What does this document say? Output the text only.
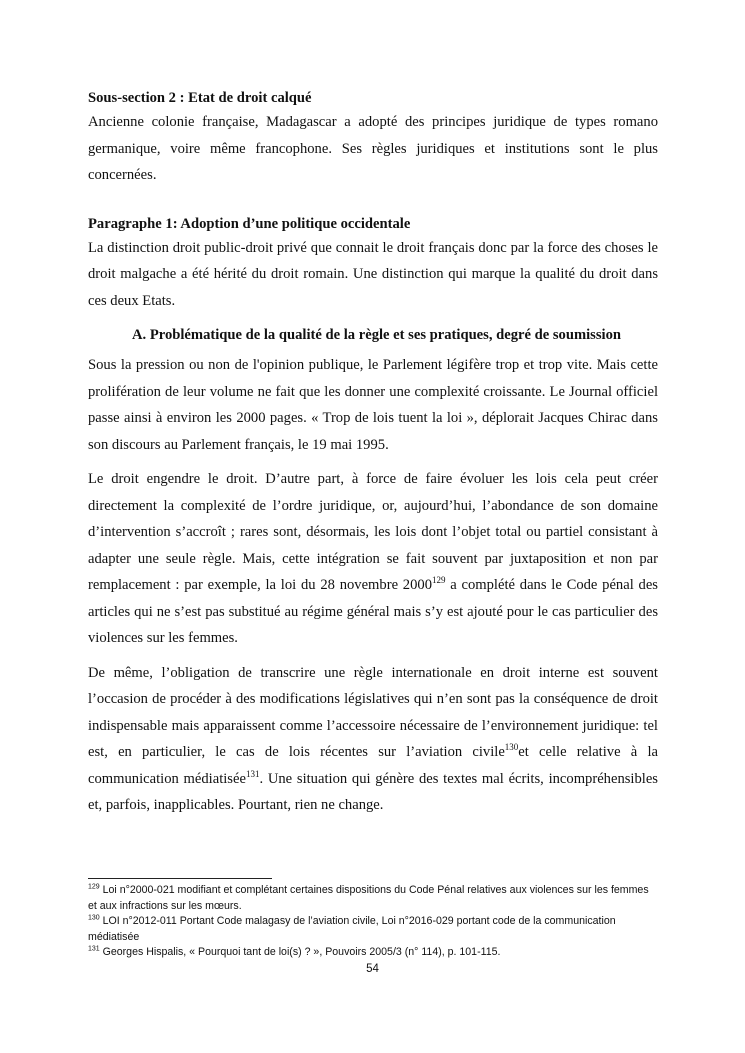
Sous-section 2 : Etat de droit calqué

Ancienne colonie française, Madagascar a adopté des principes juridique de types romano germanique, voire même francophone. Ses règles juridiques et institutions sont le plus concernées.

Paragraphe 1: Adoption d’une politique occidentale

La distinction droit public-droit privé que connait le droit français donc par la force des choses le droit malgache a été hérité du droit romain. Une distinction qui marque la qualité du droit dans ces deux Etats.

A. Problématique de la qualité de la règle et ses pratiques, degré de soumission

Sous la pression ou non de l'opinion publique, le Parlement légifère trop et trop vite. Mais cette prolifération de leur volume ne fait que les donner une complexité croissante. Le Journal officiel passe ainsi à environ les 2000 pages. « Trop de lois tuent la loi », déplorait Jacques Chirac dans son discours au Parlement français, le 19 mai 1995.

Le droit engendre le droit. D’autre part, à force de faire évoluer les lois cela peut créer directement la complexité de l’ordre juridique, or, aujourd’hui, l’abondance de son domaine d’intervention s’accroît ; rares sont, désormais, les lois dont l’objet total ou partiel consistant à adapter une seule règle. Mais, cette intégration se fait souvent par juxtaposition et non par remplacement : par exemple, la loi du 28 novembre 2000$^{129}$ a complété dans le Code pénal des articles qui ne s’est pas substitué au régime général mais s’y est ajouté pour le cas particulier des violences sur les femmes.

De même, l’obligation de transcrire une règle internationale en droit interne est souvent l’occasion de procéder à des modifications législatives qui n’en sont pas la conséquence de droit indispensable mais apparaissent comme l’accessoire nécessaire de l’environnement juridique: tel est, en particulier, le cas de lois récentes sur l’aviation civile$^{130}$et celle relative à la communication médiatisée$^{131}$. Une situation qui génère des textes mal écrits, incompréhensibles et, parfois, inapplicables. Pourtant, rien ne change.

$^{129}$ Loi n°2000-021 modifiant et complétant certaines dispositions du Code Pénal relatives aux violences sur les femmes et aux infractions sur les mœurs.
$^{130}$ LOI n°2012-011 Portant Code malagasy de l’aviation civile, Loi n°2016-029 portant code de la communication médiatisée
$^{131}$ Georges Hispalis, « Pourquoi tant de loi(s) ? », Pouvoirs 2005/3 (n° 114), p. 101-115.
54
